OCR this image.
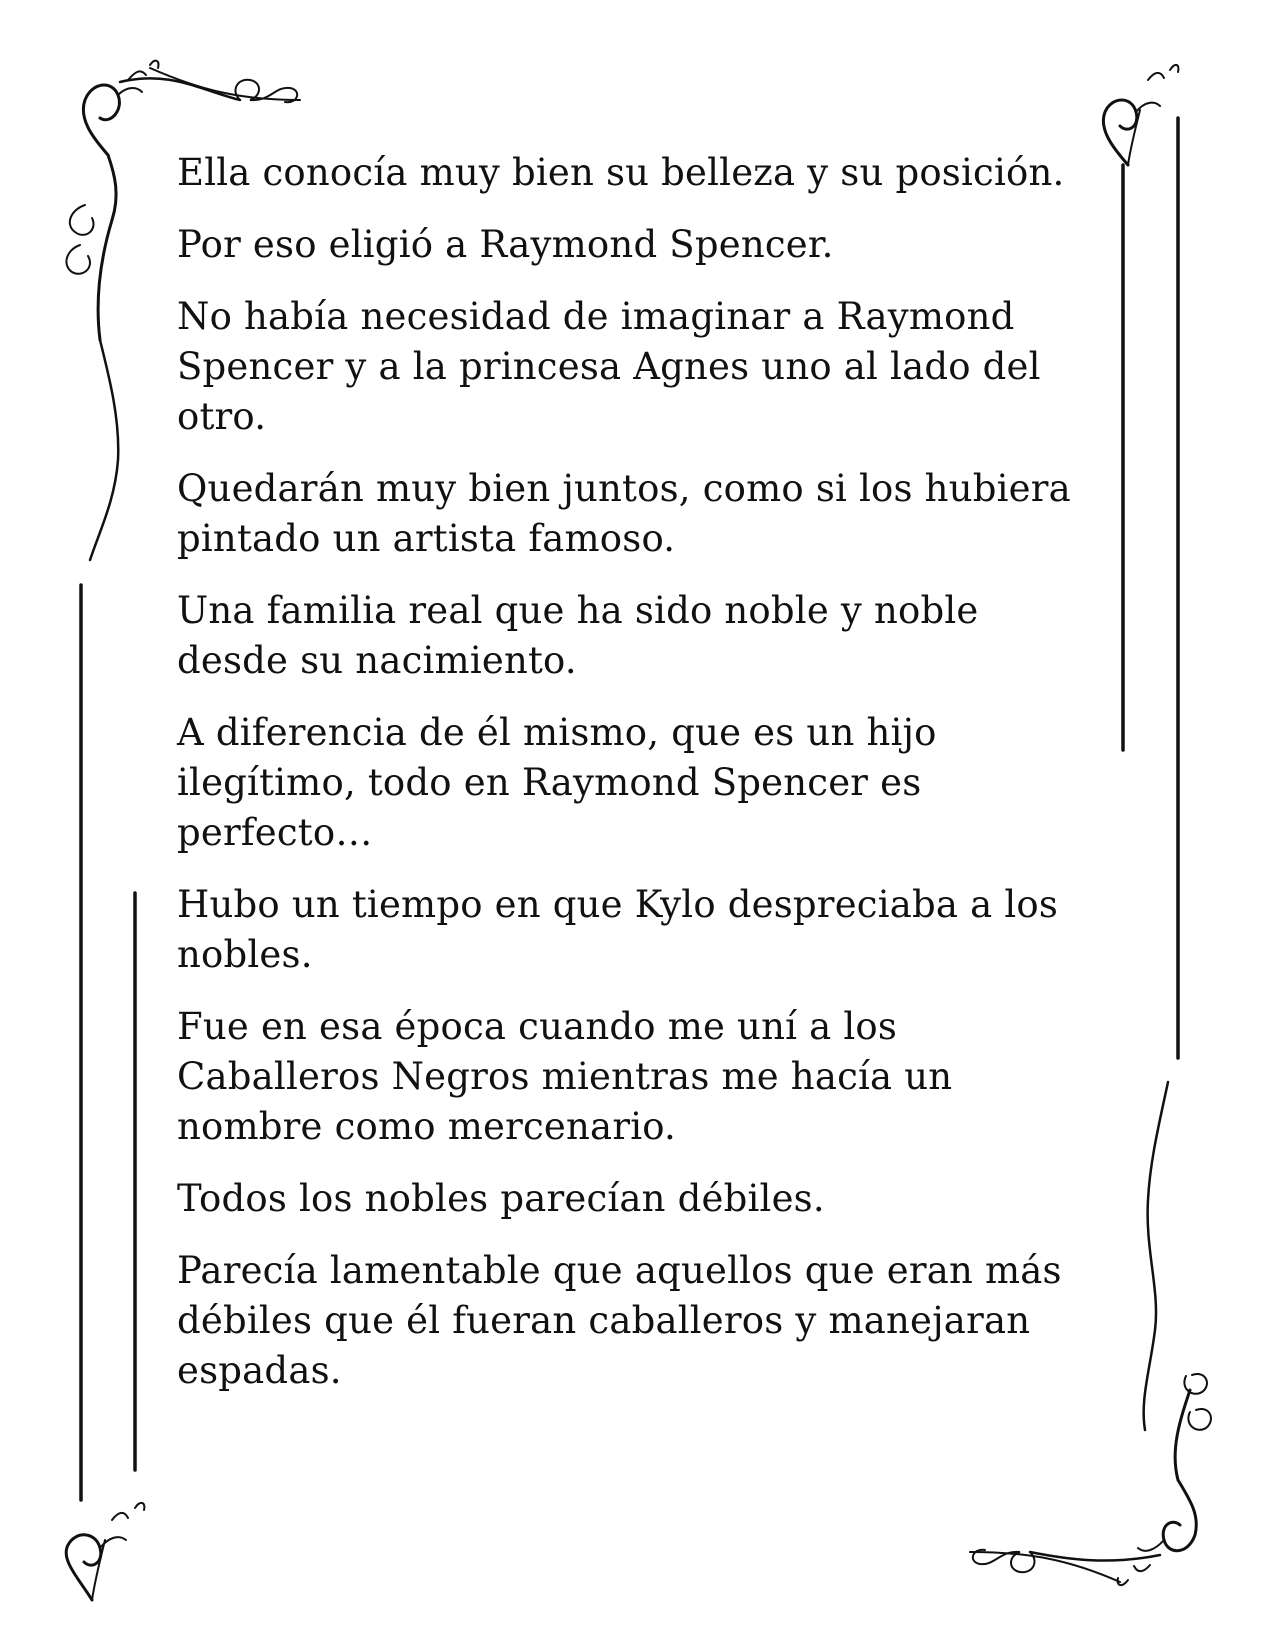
Ella conocía muy bien su belleza y su posición.

Por eso eligió a Raymond Spencer.

No había necesidad de imaginar a Raymond Spencer y a la princesa Agnes uno al lado del otro.

Quedarán muy bien juntos, como si los hubiera pintado un artista famoso.

Una familia real que ha sido noble y noble desde su nacimiento.

A diferencia de él mismo, que es un hijo ilegítimo, todo en Raymond Spencer es perfecto…

Hubo un tiempo en que Kylo despreciaba a los nobles.

Fue en esa época cuando me uní a los Caballeros Negros mientras me hacía un nombre como mercenario.

Todos los nobles parecían débiles.

Parecía lamentable que aquellos que eran más débiles que él fueran caballeros y manejaran espadas.
